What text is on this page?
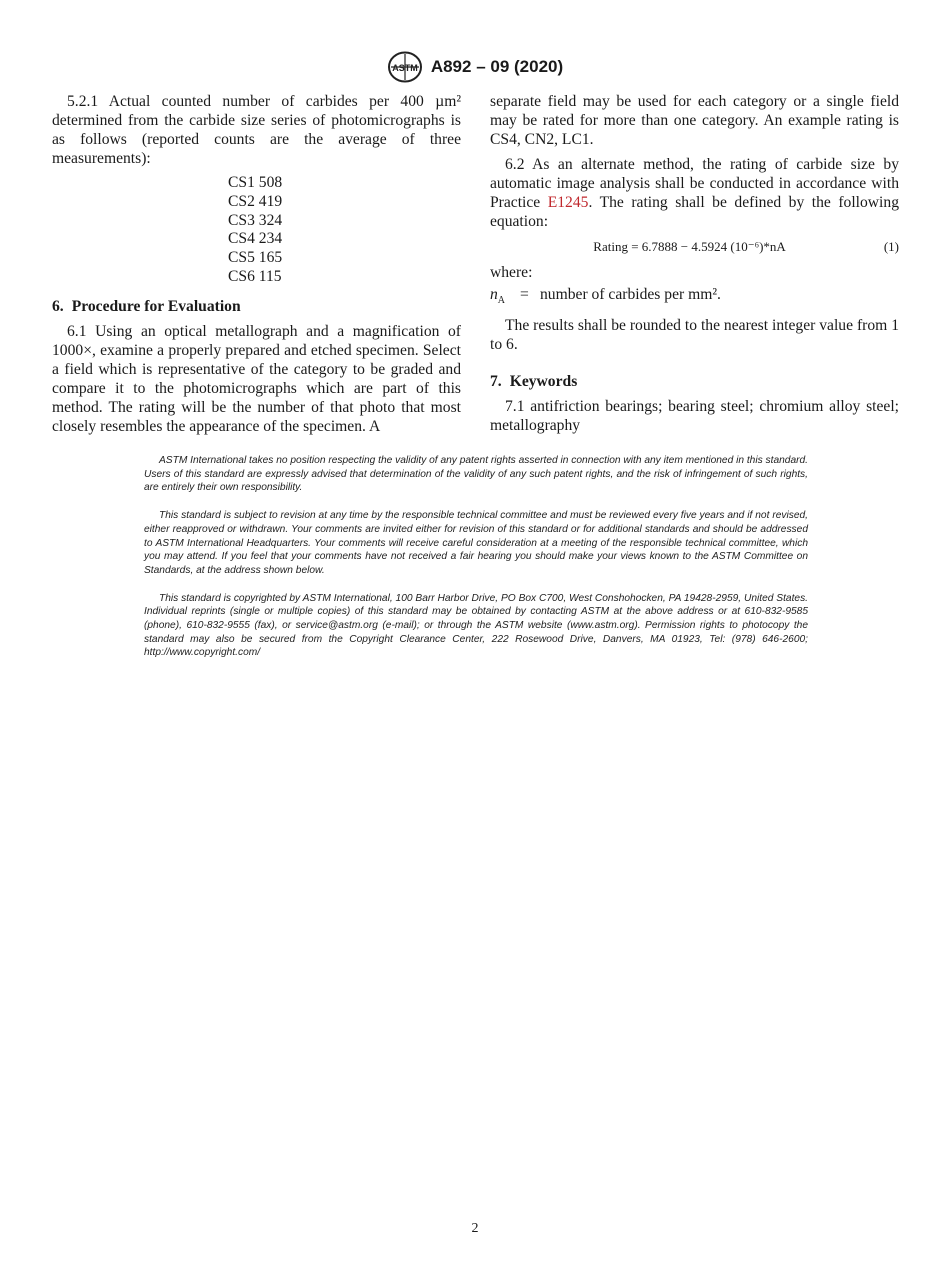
ASTM A892 – 09 (2020)

5.2.1 Actual counted number of carbides per 400 µm² determined from the carbide size series of photomicrographs is as follows (reported counts are the average of three measurements):

CS1 508
CS2 419
CS3 324
CS4 234
CS5 165
CS6 115
6. Procedure for Evaluation

6.1 Using an optical metallograph and a magnification of 1000×, examine a properly prepared and etched specimen. Select a field which is representative of the category to be graded and compare it to the photomicrographs which are part of this method. The rating will be the number of that photo that most closely resembles the appearance of the specimen. A

separate field may be used for each category or a single field may be rated for more than one category. An example rating is CS4, CN2, LC1.

6.2 As an alternate method, the rating of carbide size by automatic image analysis shall be conducted in accordance with Practice E1245. The rating shall be defined by the following equation:

Rating = 6.7888 − 4.5924 (10⁻⁶)*nA	(1)

where:

$n_A$ = number of carbides per mm².

The results shall be rounded to the nearest integer value from 1 to 6.

7. Keywords

7.1 antifriction bearings; bearing steel; chromium alloy steel; metallography

ASTM International takes no position respecting the validity of any patent rights asserted in connection with any item mentioned in this standard. Users of this standard are expressly advised that determination of the validity of any such patent rights, and the risk of infringement of such rights, are entirely their own responsibility.

This standard is subject to revision at any time by the responsible technical committee and must be reviewed every five years and if not revised, either reapproved or withdrawn. Your comments are invited either for revision of this standard or for additional standards and should be addressed to ASTM International Headquarters. Your comments will receive careful consideration at a meeting of the responsible technical committee, which you may attend. If you feel that your comments have not received a fair hearing you should make your views known to the ASTM Committee on Standards, at the address shown below.

This standard is copyrighted by ASTM International, 100 Barr Harbor Drive, PO Box C700, West Conshohocken, PA 19428-2959, United States. Individual reprints (single or multiple copies) of this standard may be obtained by contacting ASTM at the above address or at 610-832-9585 (phone), 610-832-9555 (fax), or service@astm.org (e-mail); or through the ASTM website (www.astm.org). Permission rights to photocopy the standard may also be secured from the Copyright Clearance Center, 222 Rosewood Drive, Danvers, MA 01923, Tel: (978) 646-2600; http://www.copyright.com/

2
